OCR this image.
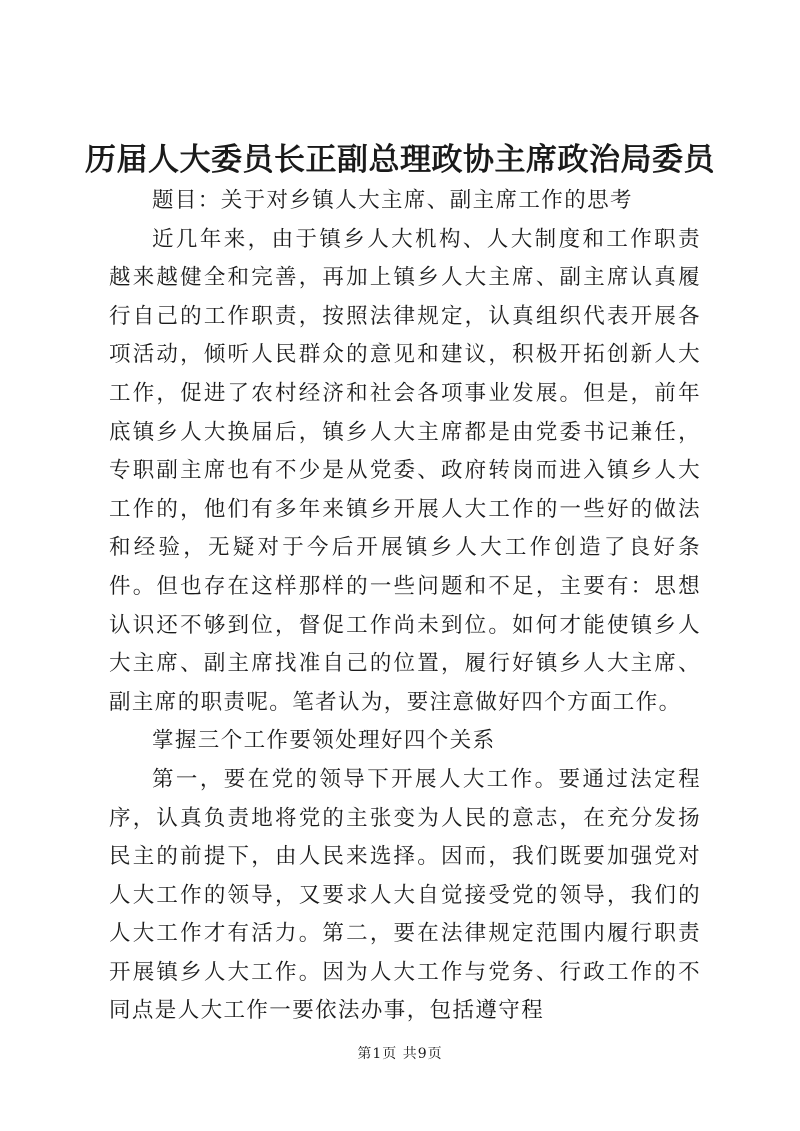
历届人大委员长正副总理政协主席政治局委员

题目：关于对乡镇人大主席、副主席工作的思考

近几年来，由于镇乡人大机构、人大制度和工作职责越来越健全和完善，再加上镇乡人大主席、副主席认真履行自己的工作职责，按照法律规定，认真组织代表开展各项活动，倾听人民群众的意见和建议，积极开拓创新人大工作，促进了农村经济和社会各项事业发展。但是，前年底镇乡人大换届后，镇乡人大主席都是由党委书记兼任，专职副主席也有不少是从党委、政府转岗而进入镇乡人大工作的，他们有多年来镇乡开展人大工作的一些好的做法和经验，无疑对于今后开展镇乡人大工作创造了良好条件。但也存在这样那样的一些问题和不足，主要有：思想认识还不够到位，督促工作尚未到位。如何才能使镇乡人大主席、副主席找准自己的位置，履行好镇乡人大主席、副主席的职责呢。笔者认为，要注意做好四个方面工作。

掌握三个工作要领处理好四个关系

第一，要在党的领导下开展人大工作。要通过法定程序，认真负责地将党的主张变为人民的意志，在充分发扬民主的前提下，由人民来选择。因而，我们既要加强党对人大工作的领导，又要求人大自觉接受党的领导，我们的人大工作才有活力。第二，要在法律规定范围内履行职责开展镇乡人大工作。因为人大工作与党务、行政工作的不同点是人大工作一要依法办事，包括遵守程

第1页 共9页
